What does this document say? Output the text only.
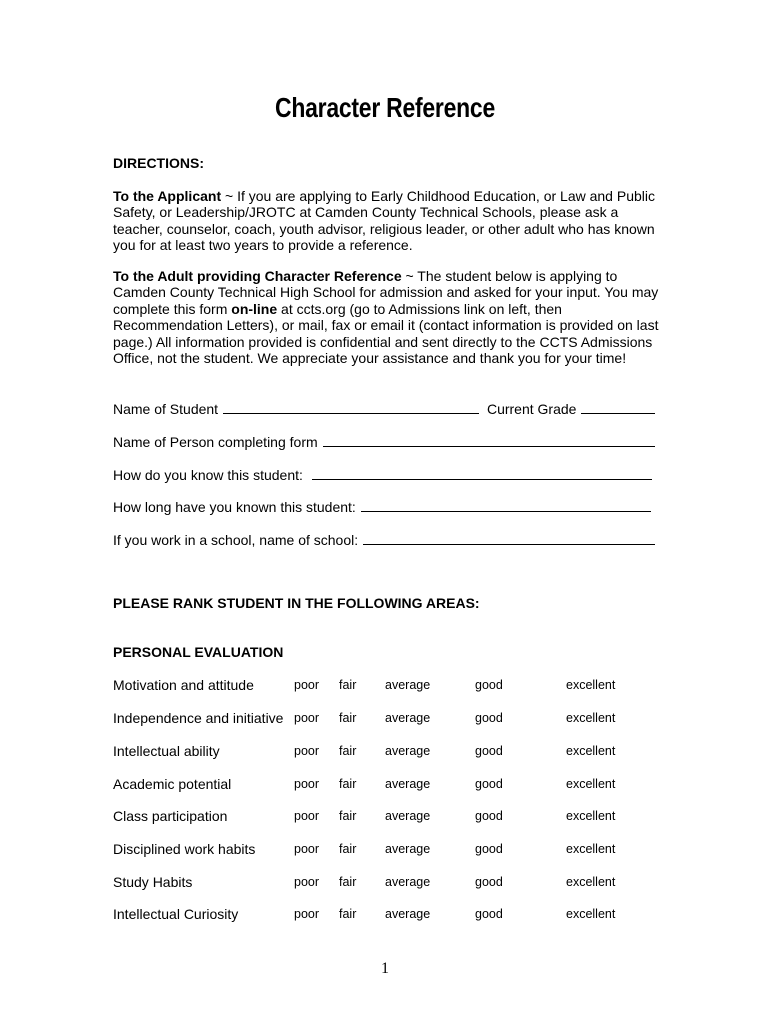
Character Reference
DIRECTIONS:
To the Applicant ~ If you are applying to Early Childhood Education, or Law and Public Safety, or Leadership/JROTC at Camden County Technical Schools, please ask a teacher, counselor, coach, youth advisor, religious leader, or other adult who has known you for at least two years to provide a reference.
To the Adult providing Character Reference ~ The student below is applying to Camden County Technical High School for admission and asked for your input. You may complete this form on-line at ccts.org (go to Admissions link on left, then Recommendation Letters), or mail, fax or email it (contact information is provided on last page.) All information provided is confidential and sent directly to the CCTS Admissions Office, not the student. We appreciate your assistance and thank you for your time!
Name of Student	Current Grade
Name of Person completing form
How do you know this student:
How long have you known this student:
If you work in a school, name of school:
PLEASE RANK STUDENT IN THE FOLLOWING AREAS:
PERSONAL EVALUATION
Motivation and attitude	poor fair average	good	excellent
Independence and initiative poor fair average	good	excellent
Intellectual ability	poor fair average	good	excellent
Academic potential	poor fair average	good	excellent
Class participation	poor fair average	good	excellent
Disciplined work habits	poor fair average	good	excellent
Study Habits	poor fair average	good	excellent
Intellectual Curiosity	poor fair average	good	excellent
1
